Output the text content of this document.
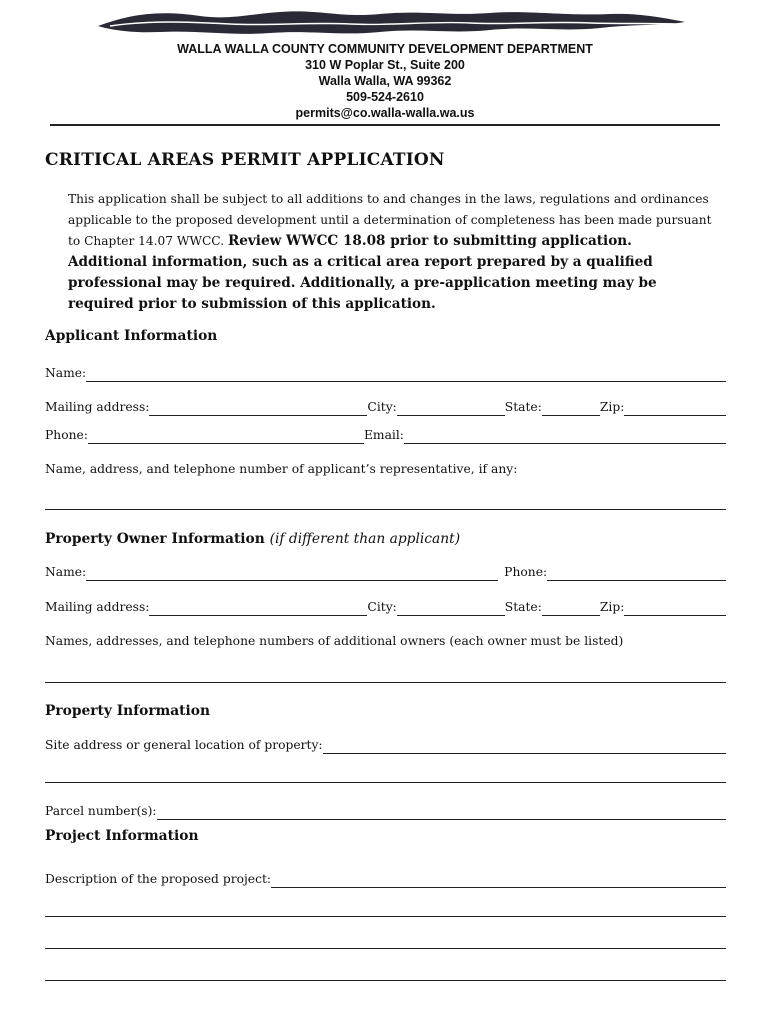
WALLA WALLA COUNTY COMMUNITY DEVELOPMENT DEPARTMENT
310 W Poplar St., Suite 200
Walla Walla, WA 99362
509-524-2610
permits@co.walla-walla.wa.us
CRITICAL AREAS PERMIT APPLICATION
This application shall be subject to all additions to and changes in the laws, regulations and ordinances applicable to the proposed development until a determination of completeness has been made pursuant to Chapter 14.07 WWCC. Review WWCC 18.08 prior to submitting application. Additional information, such as a critical area report prepared by a qualified professional may be required. Additionally, a pre-application meeting may be required prior to submission of this application.
Applicant Information
Name:
Mailing address:	City:	State:	Zip:
Phone:	Email:
Name, address, and telephone number of applicant’s representative, if any:
Property Owner Information (if different than applicant)
Name:	Phone:
Mailing address:	City:	State:	Zip:
Names, addresses, and telephone numbers of additional owners (each owner must be listed)
Property Information
Site address or general location of property:
Parcel number(s):
Project Information
Description of the proposed project:
